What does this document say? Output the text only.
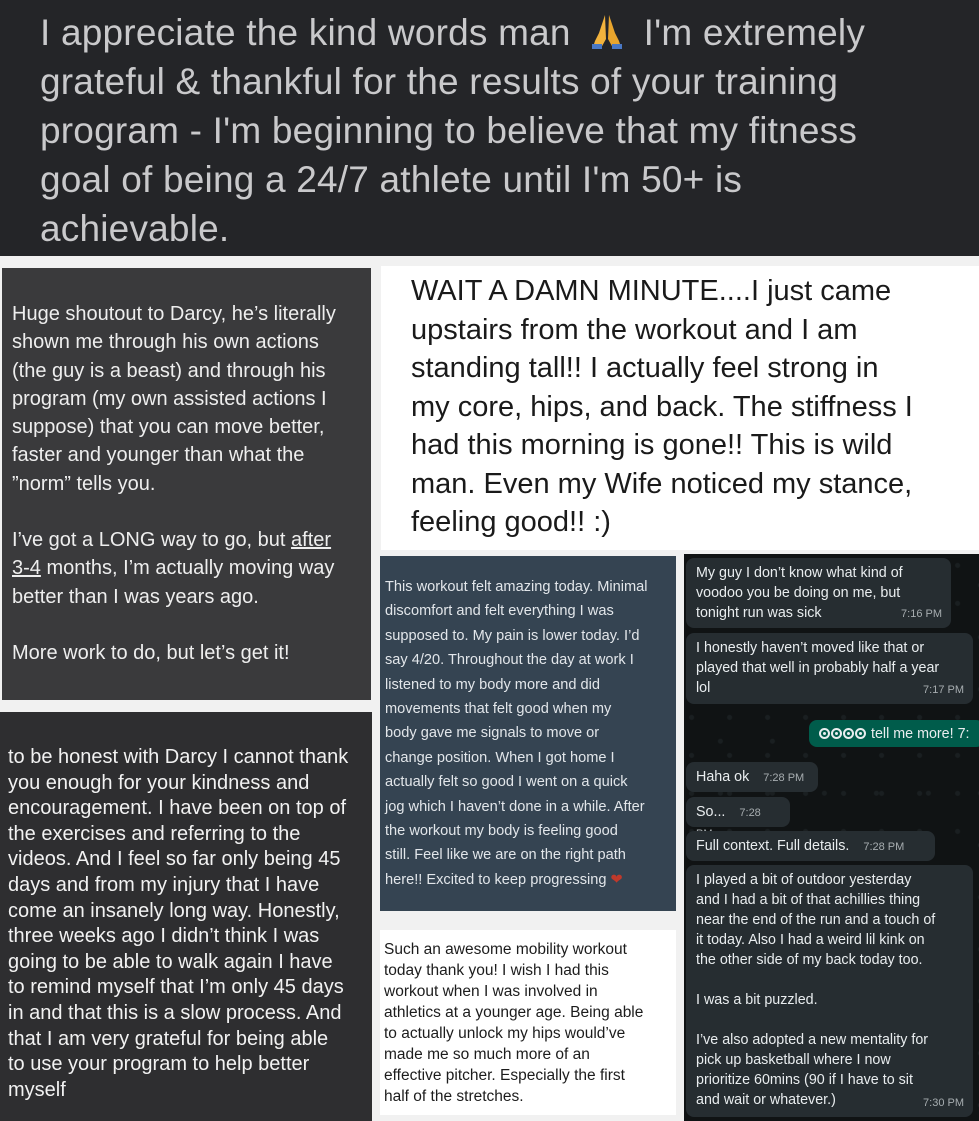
I appreciate the kind words man I'm extremely
grateful & thankful for the results of your training
program - I'm beginning to believe that my fitness
goal of being a 24/7 athlete until I'm 50+ is
achievable.
Huge shoutout to Darcy, he’s literally
shown me through his own actions
(the guy is a beast) and through his
program (my own assisted actions I
suppose) that you can move better,
faster and younger than what the
”norm” tells you.
I’ve got a LONG way to go, but after
3-4 months, I’m actually moving way
better than I was years ago.
More work to do, but let’s get it!
to be honest with Darcy I cannot thank
you enough for your kindness and
encouragement. I have been on top of
the exercises and referring to the
videos. And I feel so far only being 45
days and from my injury that I have
come an insanely long way. Honestly,
three weeks ago I didn’t think I was
going to be able to walk again I have
to remind myself that I’m only 45 days
in and that this is a slow process. And
that I am very grateful for being able
to use your program to help better
myself
WAIT A DAMN MINUTE....I just came
upstairs from the workout and I am
standing tall!! I actually feel strong in
my core, hips, and back. The stiffness I
had this morning is gone!! This is wild
man. Even my Wife noticed my stance,
feeling good!! :)
This workout felt amazing today. Minimal
discomfort and felt everything I was
supposed to. My pain is lower today. I’d
say 4/20. Throughout the day at work I
listened to my body more and did
movements that felt good when my
body gave me signals to move or
change position. When I got home I
actually felt so good I went on a quick
jog which I haven’t done in a while. After
the workout my body is feeling good
still. Feel like we are on the right path
here!! Excited to keep progressing ❤
Such an awesome mobility workout
today thank you! I wish I had this
workout when I was involved in
athletics at a younger age. Being able
to actually unlock my hips would’ve
made me so much more of an
effective pitcher. Especially the first
half of the stretches.
My guy I don’t know what kind of
voodoo you be doing on me, but
tonight run was sick	7:16 PM
I honestly haven’t moved like that or
played that well in probably half a year
lol	7:17 PM
tell me more! 7:
Haha ok 7:28 PM
So... 7:28
Full context. Full details. 7:28 PM
I played a bit of outdoor yesterday
and I had a bit of that achillies thing
near the end of the run and a touch of
it today. Also I had a weird lil kink on
the other side of my back today too.
I was a bit puzzled.
I’ve also adopted a new mentality for
pick up basketball where I now
prioritize 60mins (90 if I have to sit
and wait or whatever.)	7:30 PM
